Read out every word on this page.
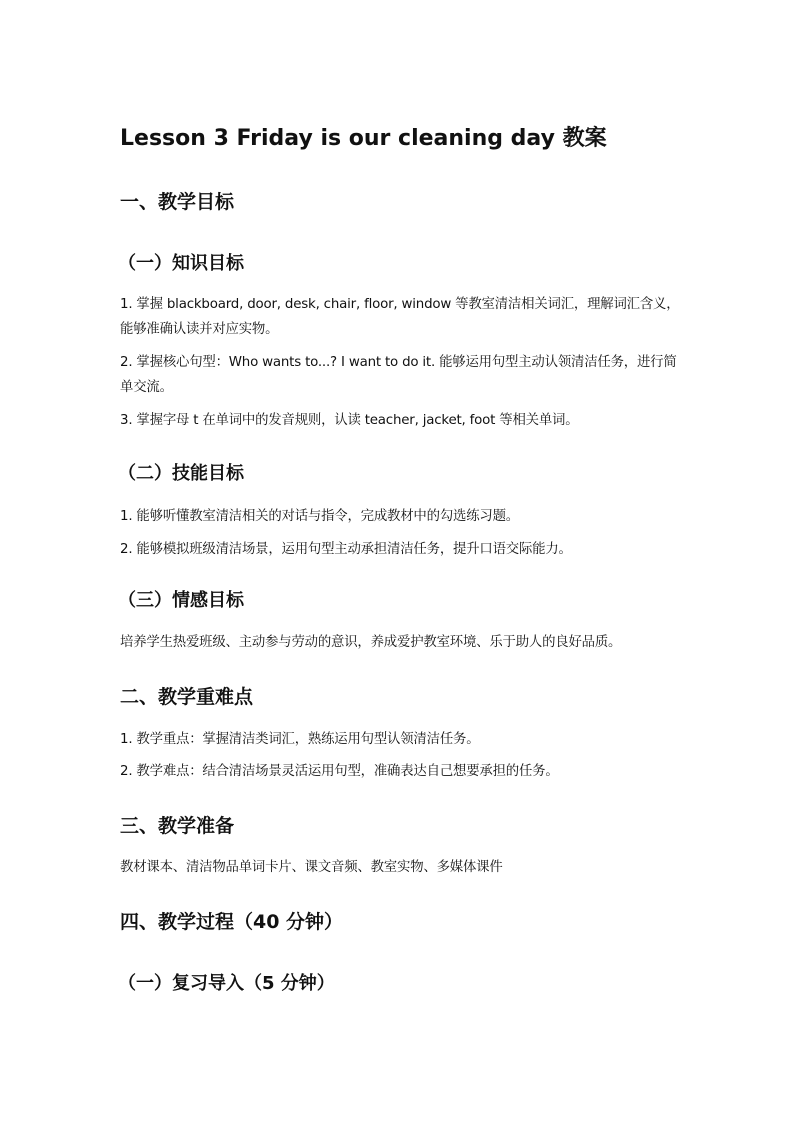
Lesson 3 Friday is our cleaning day 教案
一、教学目标
（一）知识目标

1. 掌握 blackboard, door, desk, chair, floor, window 等教室清洁相关词汇，理解词汇含义，能够准确认读并对应实物。

2. 掌握核心句型：Who wants to...? I want to do it. 能够运用句型主动认领清洁任务，进行简单交流。

3. 掌握字母 t 在单词中的发音规则，认读 teacher, jacket, foot 等相关单词。

（二）技能目标

1. 能够听懂教室清洁相关的对话与指令，完成教材中的勾选练习题。

2. 能够模拟班级清洁场景，运用句型主动承担清洁任务，提升口语交际能力。

（三）情感目标

培养学生热爱班级、主动参与劳动的意识，养成爱护教室环境、乐于助人的良好品质。

二、教学重难点

1. 教学重点：掌握清洁类词汇，熟练运用句型认领清洁任务。

2. 教学难点：结合清洁场景灵活运用句型，准确表达自己想要承担的任务。

三、教学准备

教材课本、清洁物品单词卡片、课文音频、教室实物、多媒体课件

四、教学过程（40 分钟）
（一）复习导入（5 分钟）
